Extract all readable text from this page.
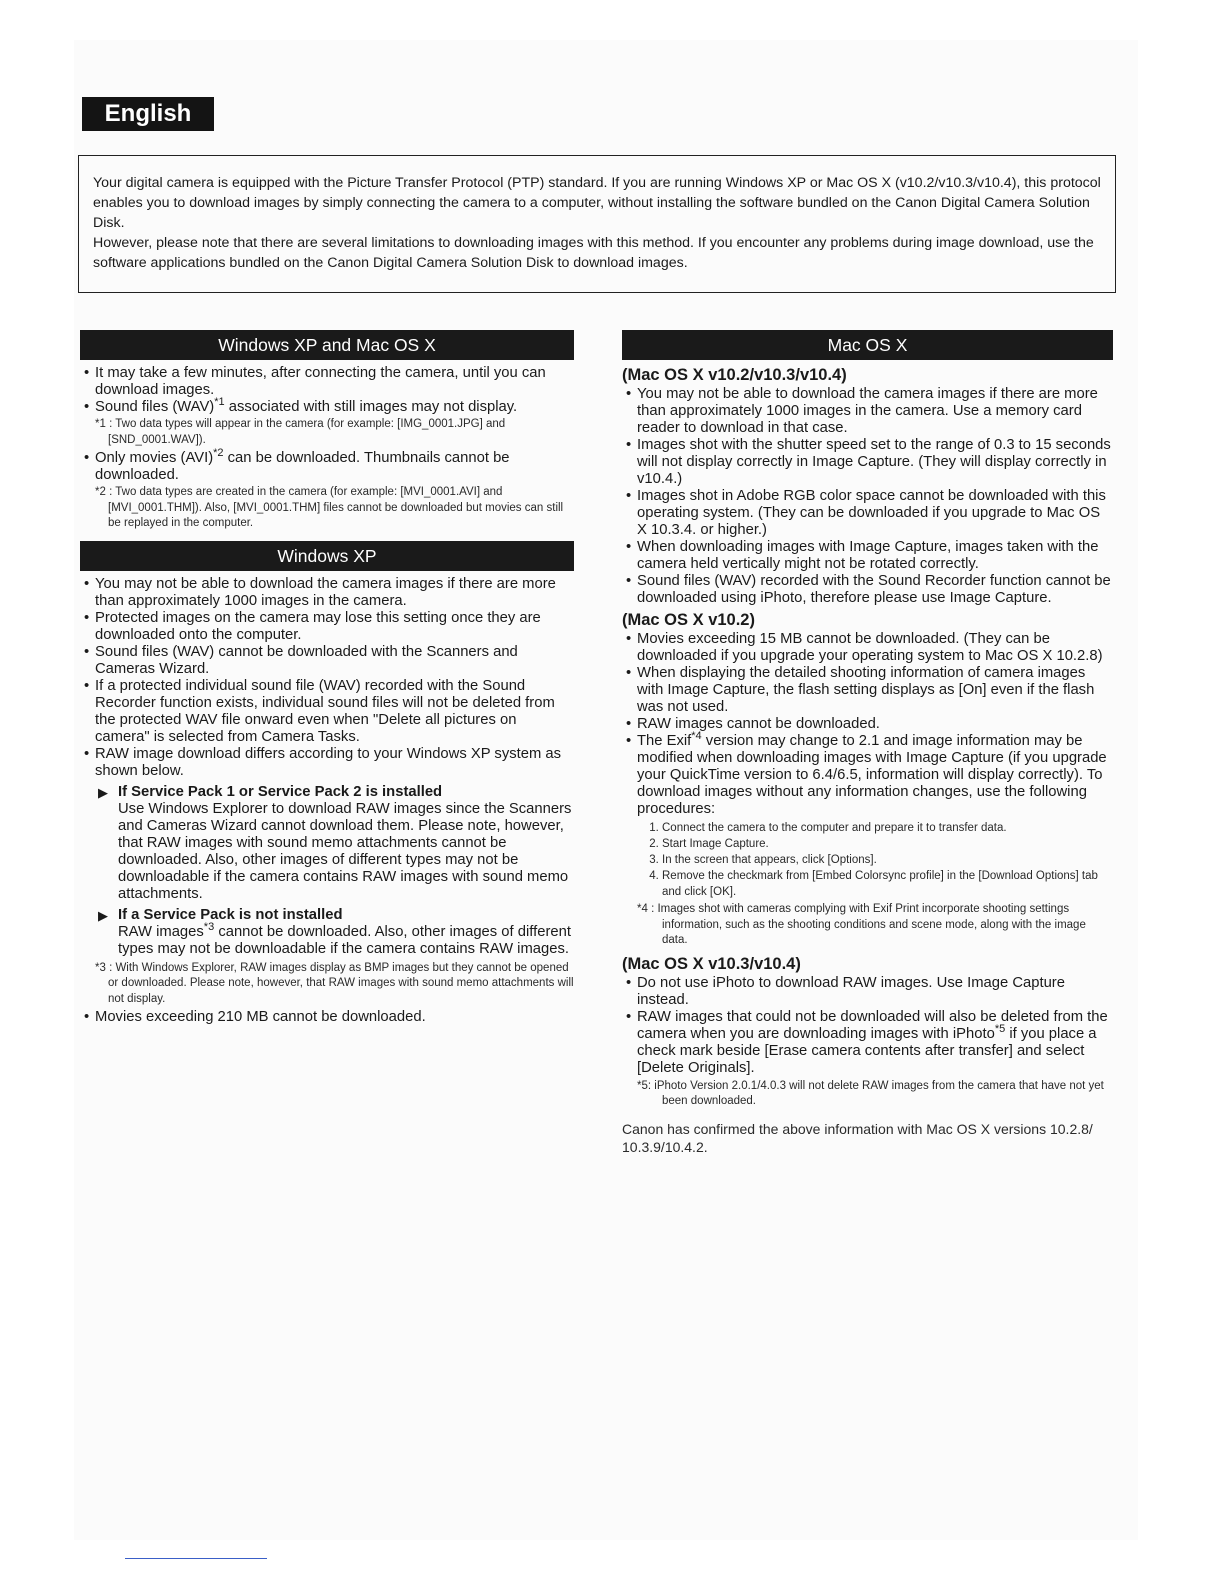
English

Your digital camera is equipped with the Picture Transfer Protocol (PTP) standard. If you are running Windows XP or Mac OS X (v10.2/v10.3/v10.4), this protocol enables you to download images by simply connecting the camera to a computer, without installing the software bundled on the Canon Digital Camera Solution Disk.

However, please note that there are several limitations to downloading images with this method. If you encounter any problems during image download, use the software applications bundled on the Canon Digital Camera Solution Disk to download images.

Windows XP and Mac OS X
• It may take a few minutes, after connecting the camera, until you can download images.
• Sound files (WAV)$^{*1}$ associated with still images may not display.
*1 : Two data types will appear in the camera (for example: [IMG_0001.JPG] and [SND_0001.WAV]).
• Only movies (AVI)$^{*2}$ can be downloaded. Thumbnails cannot be downloaded.
*2 : Two data types are created in the camera (for example: [MVI_0001.AVI] and [MVI_0001.THM]). Also, [MVI_0001.THM] files cannot be downloaded but movies can still be replayed in the computer.
Windows XP
• You may not be able to download the camera images if there are more than approximately 1000 images in the camera.
• Protected images on the camera may lose this setting once they are downloaded onto the computer.
• Sound files (WAV) cannot be downloaded with the Scanners and Cameras Wizard.
• If a protected individual sound file (WAV) recorded with the Sound Recorder function exists, individual sound files will not be deleted from the protected WAV file onward even when "Delete all pictures on camera" is selected from Camera Tasks.
• RAW image download differs according to your Windows XP system as shown below.
▶ If Service Pack 1 or Service Pack 2 is installed
Use Windows Explorer to download RAW images since the Scanners and Cameras Wizard cannot download them. Please note, however, that RAW images with sound memo attachments cannot be downloaded. Also, other images of different types may not be downloadable if the camera contains RAW images with sound memo attachments.
▶ If a Service Pack is not installed
RAW images$^{*3}$ cannot be downloaded. Also, other images of different types may not be downloadable if the camera contains RAW images.
*3 : With Windows Explorer, RAW images display as BMP images but they cannot be opened or downloaded. Please note, however, that RAW images with sound memo attachments will not display.
• Movies exceeding 210 MB cannot be downloaded.
Mac OS X
(Mac OS X v10.2/v10.3/v10.4)
• You may not be able to download the camera images if there are more than approximately 1000 images in the camera. Use a memory card reader to download in that case.
• Images shot with the shutter speed set to the range of 0.3 to 15 seconds will not display correctly in Image Capture. (They will display correctly in v10.4.)
• Images shot in Adobe RGB color space cannot be downloaded with this operating system. (They can be downloaded if you upgrade to Mac OS X 10.3.4. or higher.)
• When downloading images with Image Capture, images taken with the camera held vertically might not be rotated correctly.
• Sound files (WAV) recorded with the Sound Recorder function cannot be downloaded using iPhoto, therefore please use Image Capture.
(Mac OS X v10.2)
• Movies exceeding 15 MB cannot be downloaded. (They can be downloaded if you upgrade your operating system to Mac OS X 10.2.8)
• When displaying the detailed shooting information of camera images with Image Capture, the flash setting displays as [On] even if the flash was not used.
• RAW images cannot be downloaded.
• The Exif$^{*4}$ version may change to 2.1 and image information may be modified when downloading images with Image Capture (if you upgrade your QuickTime version to 6.4/6.5, information will display correctly). To download images without any information changes, use the following procedures:
1. Connect the camera to the computer and prepare it to transfer data.
2. Start Image Capture.
3. In the screen that appears, click [Options].
4. Remove the checkmark from [Embed Colorsync profile] in the [Download Options] tab and click [OK].
*4 : Images shot with cameras complying with Exif Print incorporate shooting settings information, such as the shooting conditions and scene mode, along with the image data.
(Mac OS X v10.3/v10.4)
• Do not use iPhoto to download RAW images. Use Image Capture instead.
• RAW images that could not be downloaded will also be deleted from the camera when you are downloading images with iPhoto$^{*5}$ if you place a check mark beside [Erase camera contents after transfer] and select [Delete Originals].
*5: iPhoto Version 2.0.1/4.0.3 will not delete RAW images from the camera that have not yet been downloaded.
Canon has confirmed the above information with Mac OS X versions 10.2.8/ 10.3.9/10.4.2.
